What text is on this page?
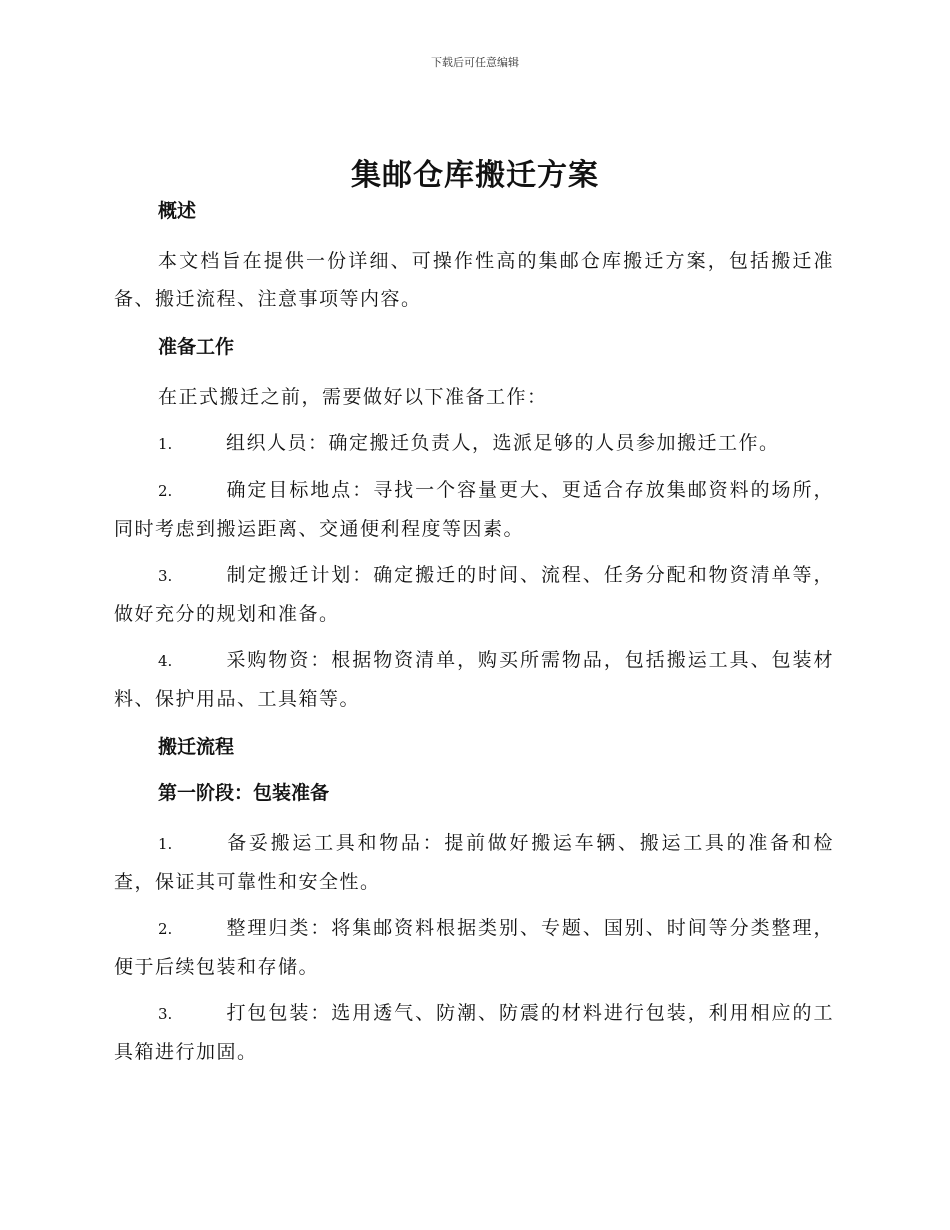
下载后可任意编辑
集邮仓库搬迁方案
概述

本文档旨在提供一份详细、可操作性高的集邮仓库搬迁方案，包括搬迁准备、搬迁流程、注意事项等内容。

准备工作

在正式搬迁之前，需要做好以下准备工作：

1.	组织人员：确定搬迁负责人，选派足够的人员参加搬迁工作。

2.	确定目标地点：寻找一个容量更大、更适合存放集邮资料的场所，同时考虑到搬运距离、交通便利程度等因素。

3.	制定搬迁计划：确定搬迁的时间、流程、任务分配和物资清单等，做好充分的规划和准备。

4.	采购物资：根据物资清单，购买所需物品，包括搬运工具、包装材料、保护用品、工具箱等。

搬迁流程
第一阶段：包装准备

1.	备妥搬运工具和物品：提前做好搬运车辆、搬运工具的准备和检查，保证其可靠性和安全性。

2.	整理归类：将集邮资料根据类别、专题、国别、时间等分类整理，便于后续包装和存储。

3.	打包包装：选用透气、防潮、防震的材料进行包装，利用相应的工具箱进行加固。
